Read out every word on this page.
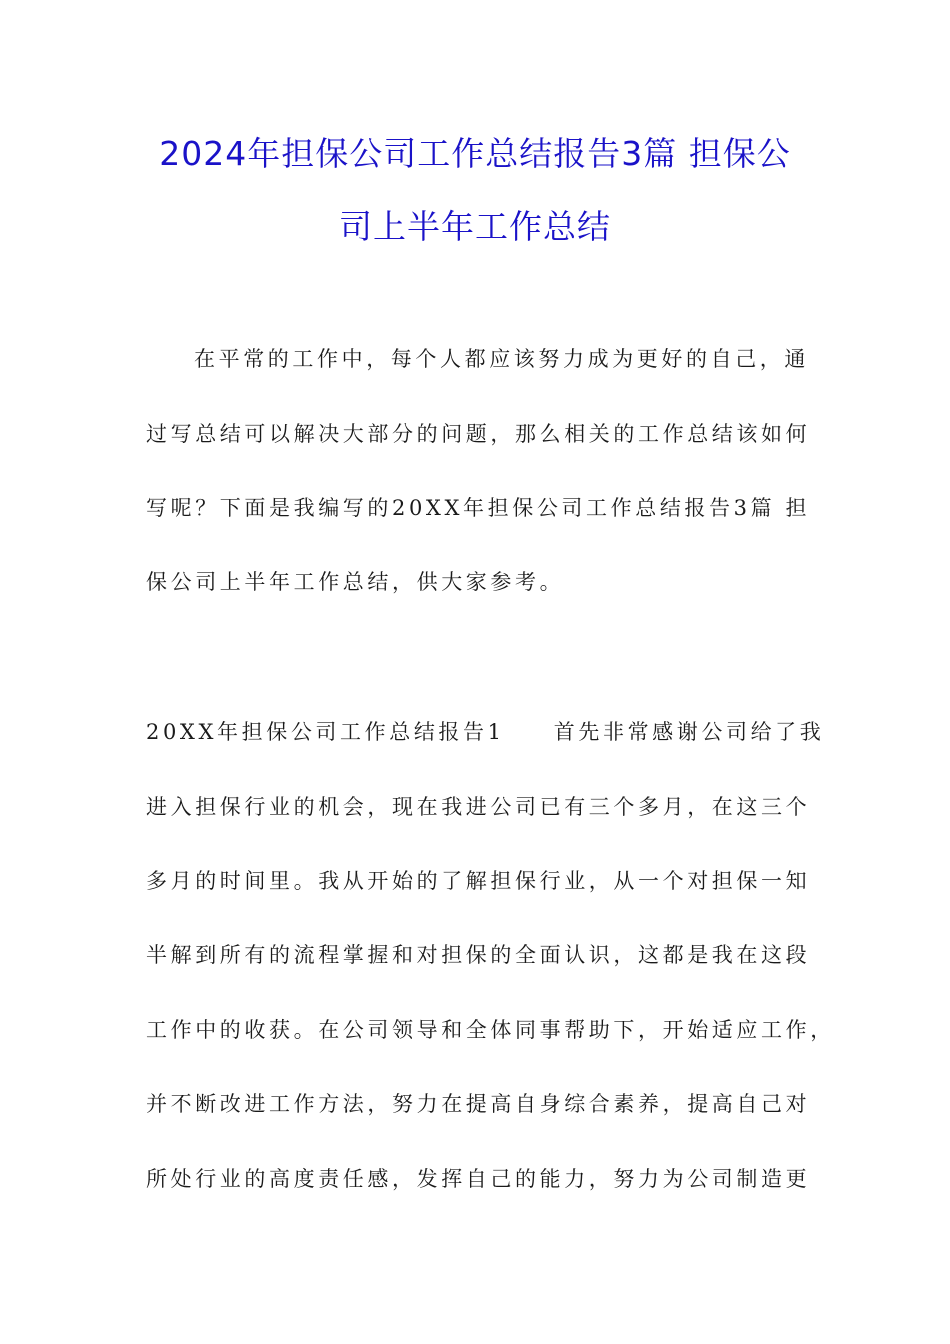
2024年担保公司工作总结报告3篇 担保公
司上半年工作总结
在平常的工作中，每个人都应该努力成为更好的自己，通
过写总结可以解决大部分的问题，那么相关的工作总结该如何
写呢？下面是我编写的20XX年担保公司工作总结报告3篇 担
保公司上半年工作总结，供大家参考。
20XX年担保公司工作总结报告1　　首先非常感谢公司给了我
进入担保行业的机会，现在我进公司已有三个多月，在这三个
多月的时间里。我从开始的了解担保行业，从一个对担保一知
半解到所有的流程掌握和对担保的全面认识，这都是我在这段
工作中的收获。在公司领导和全体同事帮助下，开始适应工作，
并不断改进工作方法，努力在提高自身综合素养，提高自己对
所处行业的高度责任感，发挥自己的能力，努力为公司制造更
